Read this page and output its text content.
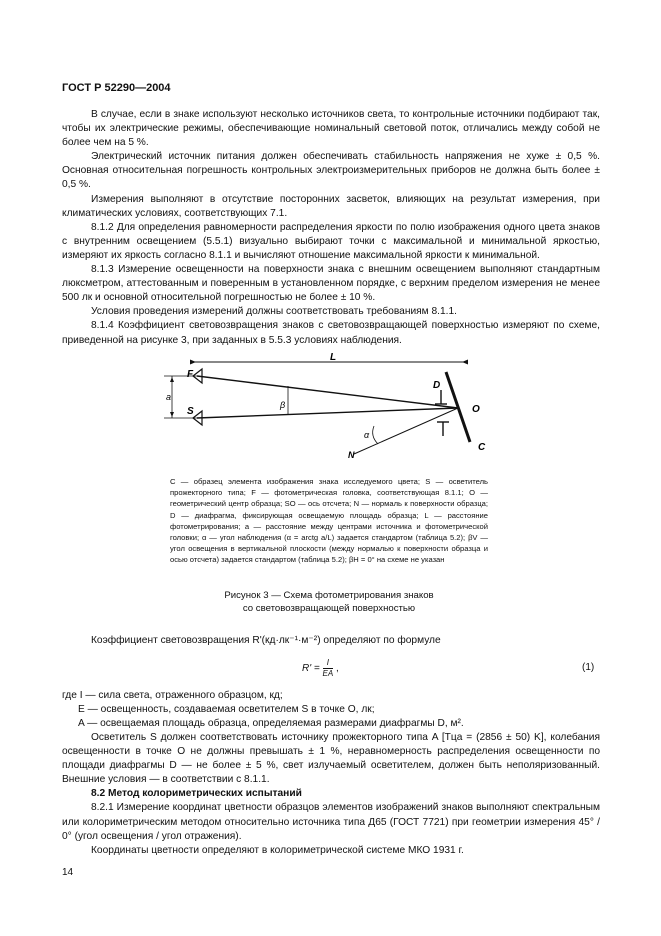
ГОСТ Р 52290—2004

В случае, если в знаке используют несколько источников света, то контрольные источники подбирают так, чтобы их электрические режимы, обеспечивающие номинальный световой поток, отличались между собой не более чем на 5 %.

Электрический источник питания должен обеспечивать стабильность напряжения не хуже ± 0,5 %. Основная относительная погрешность контрольных электроизмерительных приборов не должна быть более ± 0,5 %.

Измерения выполняют в отсутствие посторонних засветок, влияющих на результат измерения, при климатических условиях, соответствующих 7.1.

8.1.2 Для определения равномерности распределения яркости по полю изображения одного цвета знаков с внутренним освещением (5.5.1) визуально выбирают точки с максимальной и минимальной яркостью, измеряют их яркость согласно 8.1.1 и вычисляют отношение максимальной яркости к минимальной.

8.1.3 Измерение освещенности на поверхности знака с внешним освещением выполняют стандартным люксметром, аттестованным и поверенным в установленном порядке, с верхним пределом измерения не менее 500 лк и основной относительной погрешностью не более ± 10 %.

Условия проведения измерений должны соответствовать требованиям 8.1.1.

8.1.4 Коэффициент световозвращения знаков с световозвращающей поверхностью измеряют по схеме, приведенной на рисунке 3, при заданных в 5.5.3 условиях наблюдения.

L
a
F
S
β
N
α
O
C
D
C — образец элемента изображения знака исследуемого цвета; S — осветитель прожекторного типа; F — фотометрическая головка, соответствующая 8.1.1; O — геометрический центр образца; SO — ось отсчета; N — нормаль к поверхности образца; D — диафрагма, фиксирующая освещаемую площадь образца; L — расстояние фотометрирования; a — расстояние между центрами источника и фотометрической головки; α — угол наблюдения (α = arctg a/L) задается стандартом (таблица 5.2); βV — угол освещения в вертикальной плоскости (между нормалью к поверхности образца и осью отсчета) задается стандартом (таблица 5.2); βH = 0° на схеме не указан
Рисунок 3 — Схема фотометрирования знаков
со световозвращающей поверхностью
Коэффициент световозвращения R'(кд·лк⁻¹·м⁻²) определяют по формуле
$R' = \frac{I}{EA}$ ,	(1)
где I — сила света, отраженного образцом, кд;
E — освещенность, создаваемая осветителем S в точке O, лк;
A — освещаемая площадь образца, определяемая размерами диафрагмы D, м².

Осветитель S должен соответствовать источнику прожекторного типа A [Tца = (2856 ± 50) K], колебания освещенности в точке O не должны превышать ± 1 %, неравномерность распределения освещенности по площади диафрагмы D — не более ± 5 %, свет излучаемый осветителем, должен быть неполяризованный. Внешние условия — в соответствии с 8.1.1.

8.2 Метод колориметрических испытаний

8.2.1 Измерение координат цветности образцов элементов изображений знаков выполняют спектральным или колориметрическим методом относительно источника типа Д65 (ГОСТ 7721) при геометрии измерения 45° / 0° (угол освещения / угол отражения).

Координаты цветности определяют в колориметрической системе МКО 1931 г.

14
